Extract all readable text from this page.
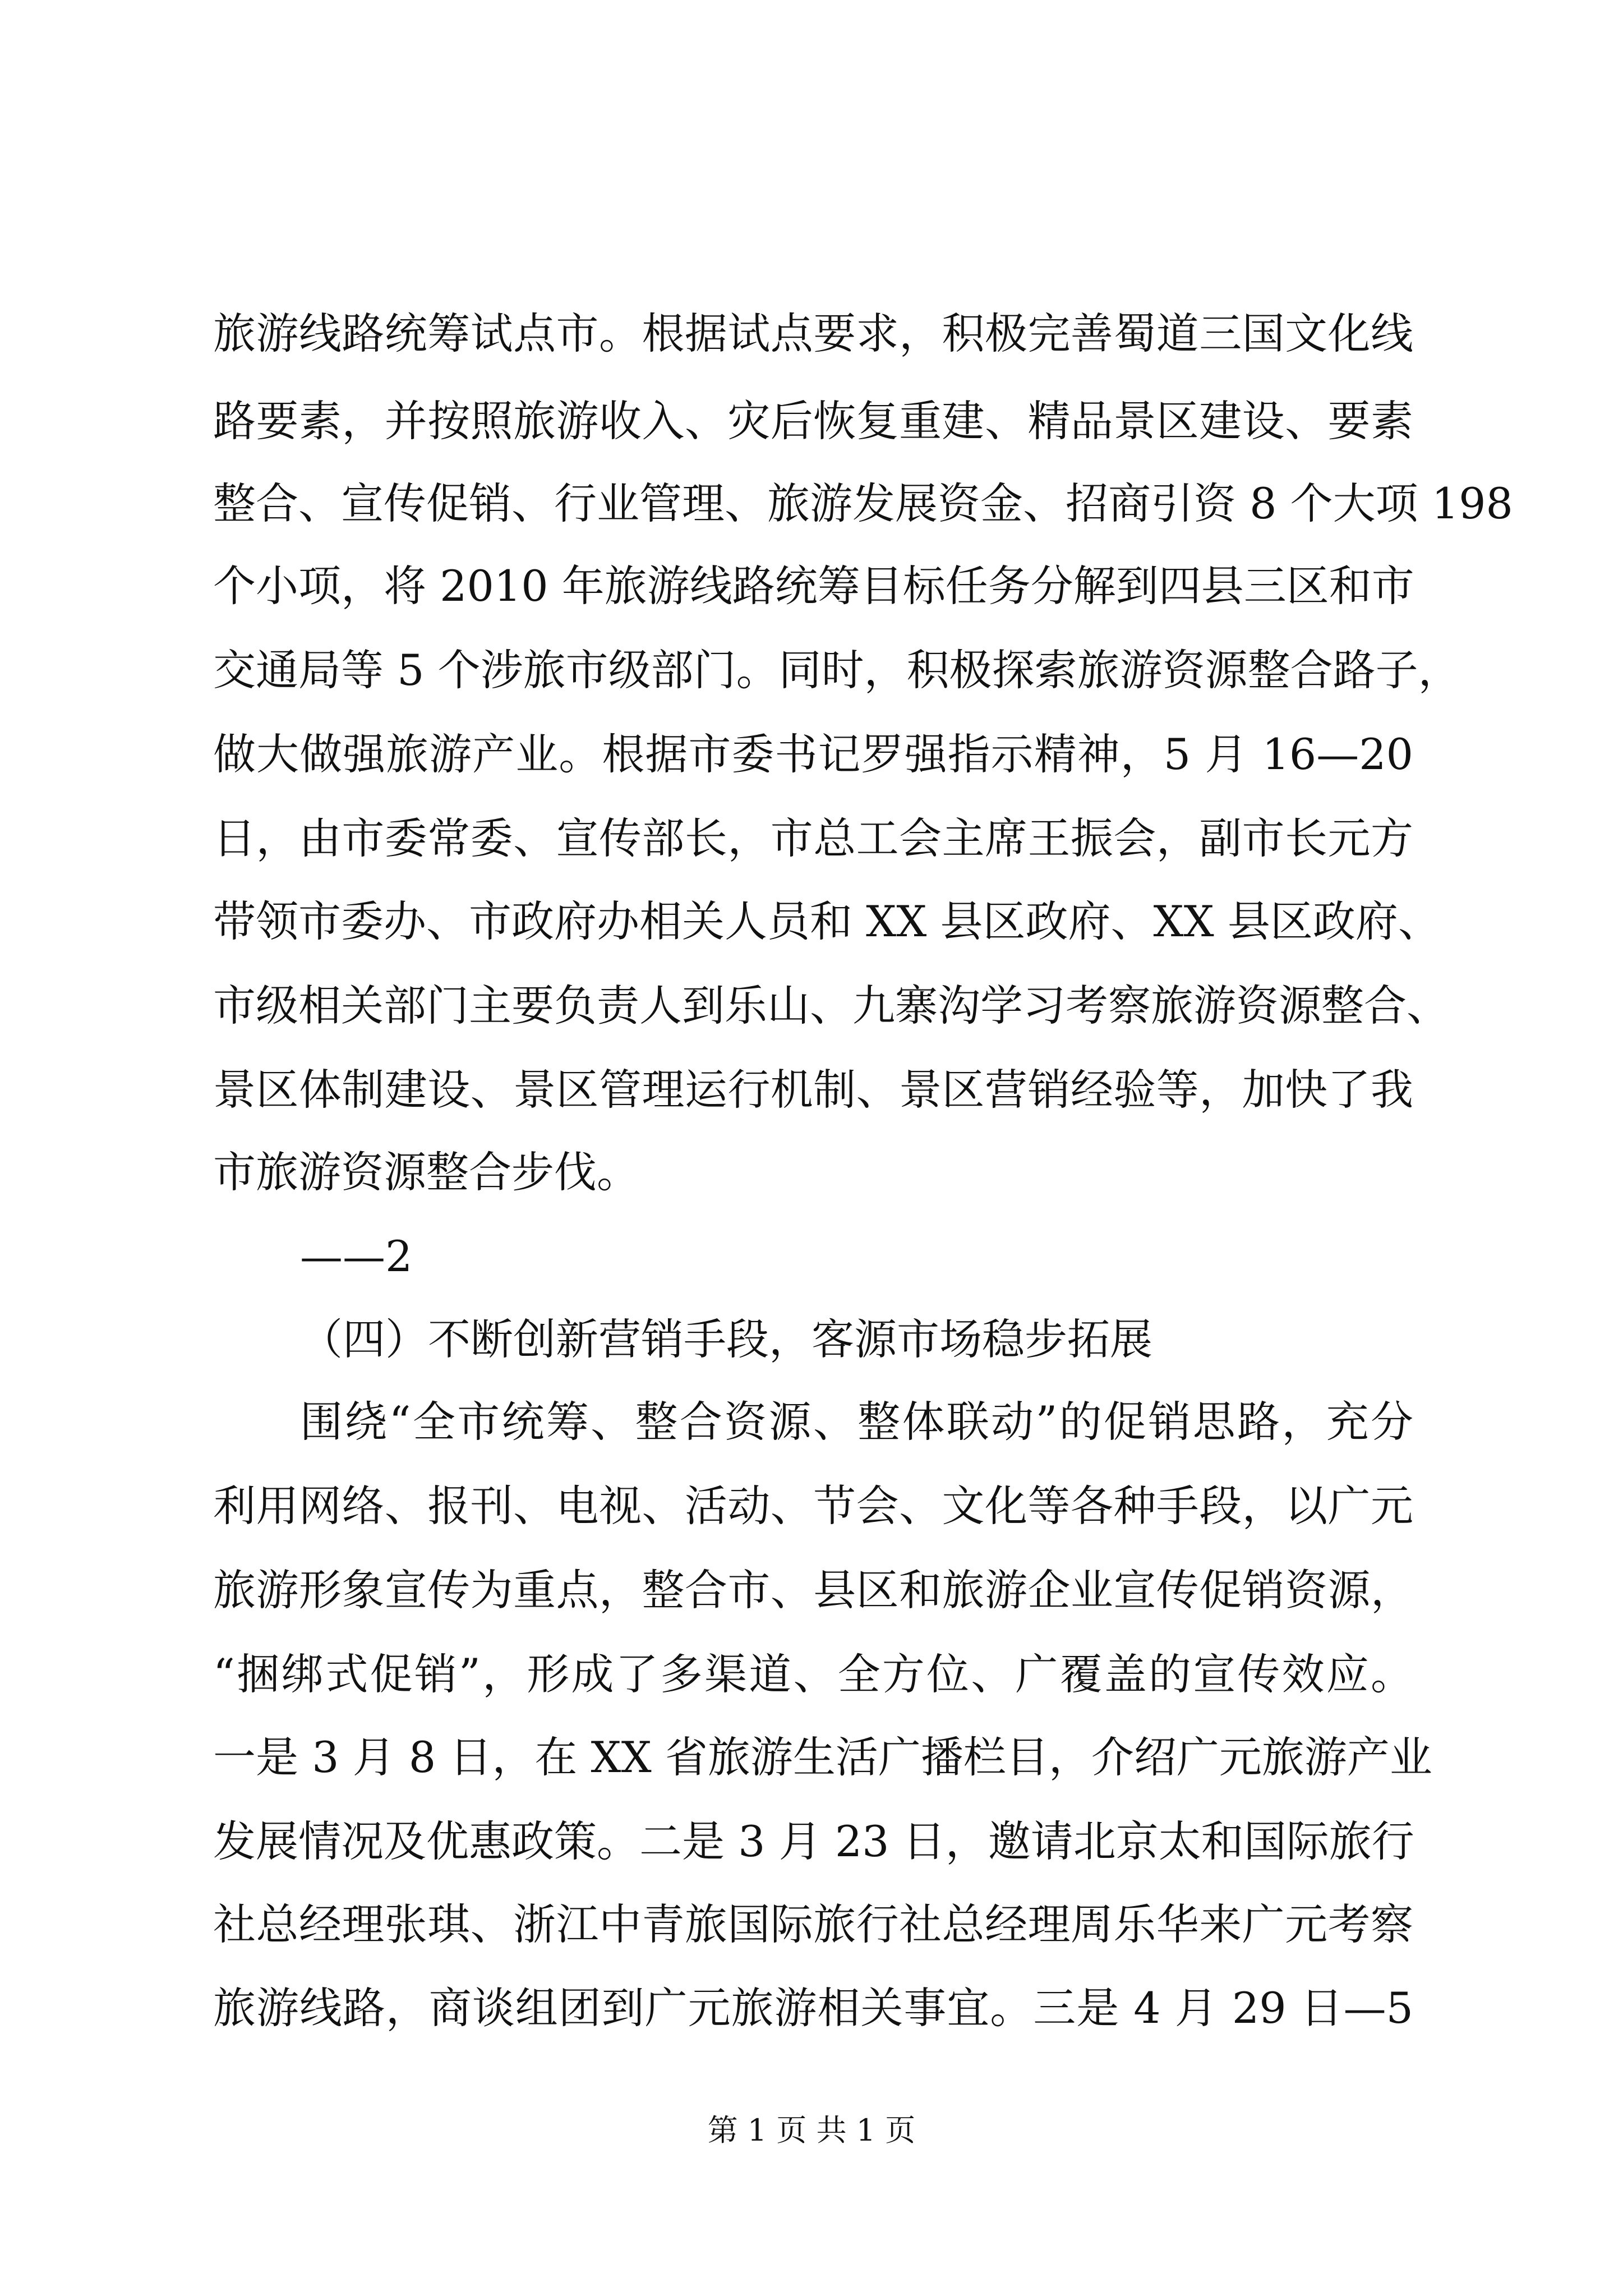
旅游线路统筹试点市。根据试点要求，积极完善蜀道三国文化线
路要素，并按照旅游收入、灾后恢复重建、精品景区建设、要素
整合、宣传促销、行业管理、旅游发展资金、招商引资 8 个大项 198
个小项，将 2010 年旅游线路统筹目标任务分解到四县三区和市
交通局等 5 个涉旅市级部门。同时，积极探索旅游资源整合路子，
做大做强旅游产业。根据市委书记罗强指示精神，5 月 16—20
日，由市委常委、宣传部长，市总工会主席王振会，副市长元方
带领市委办、市政府办相关人员和 XX 县区政府、XX 县区政府、
市级相关部门主要负责人到乐山、九寨沟学习考察旅游资源整合、
景区体制建设、景区管理运行机制、景区营销经验等，加快了我
市旅游资源整合步伐。
——2
（四）不断创新营销手段，客源市场稳步拓展
围绕“全市统筹、整合资源、整体联动”的促销思路，充分
利用网络、报刊、电视、活动、节会、文化等各种手段，以广元
旅游形象宣传为重点，整合市、县区和旅游企业宣传促销资源，
“捆绑式促销”，形成了多渠道、全方位、广覆盖的宣传效应。
一是 3 月 8 日，在 XX 省旅游生活广播栏目，介绍广元旅游产业
发展情况及优惠政策。二是 3 月 23 日，邀请北京太和国际旅行
社总经理张琪、浙江中青旅国际旅行社总经理周乐华来广元考察
旅游线路，商谈组团到广元旅游相关事宜。三是 4 月 29 日—5
第 1 页 共 1 页
